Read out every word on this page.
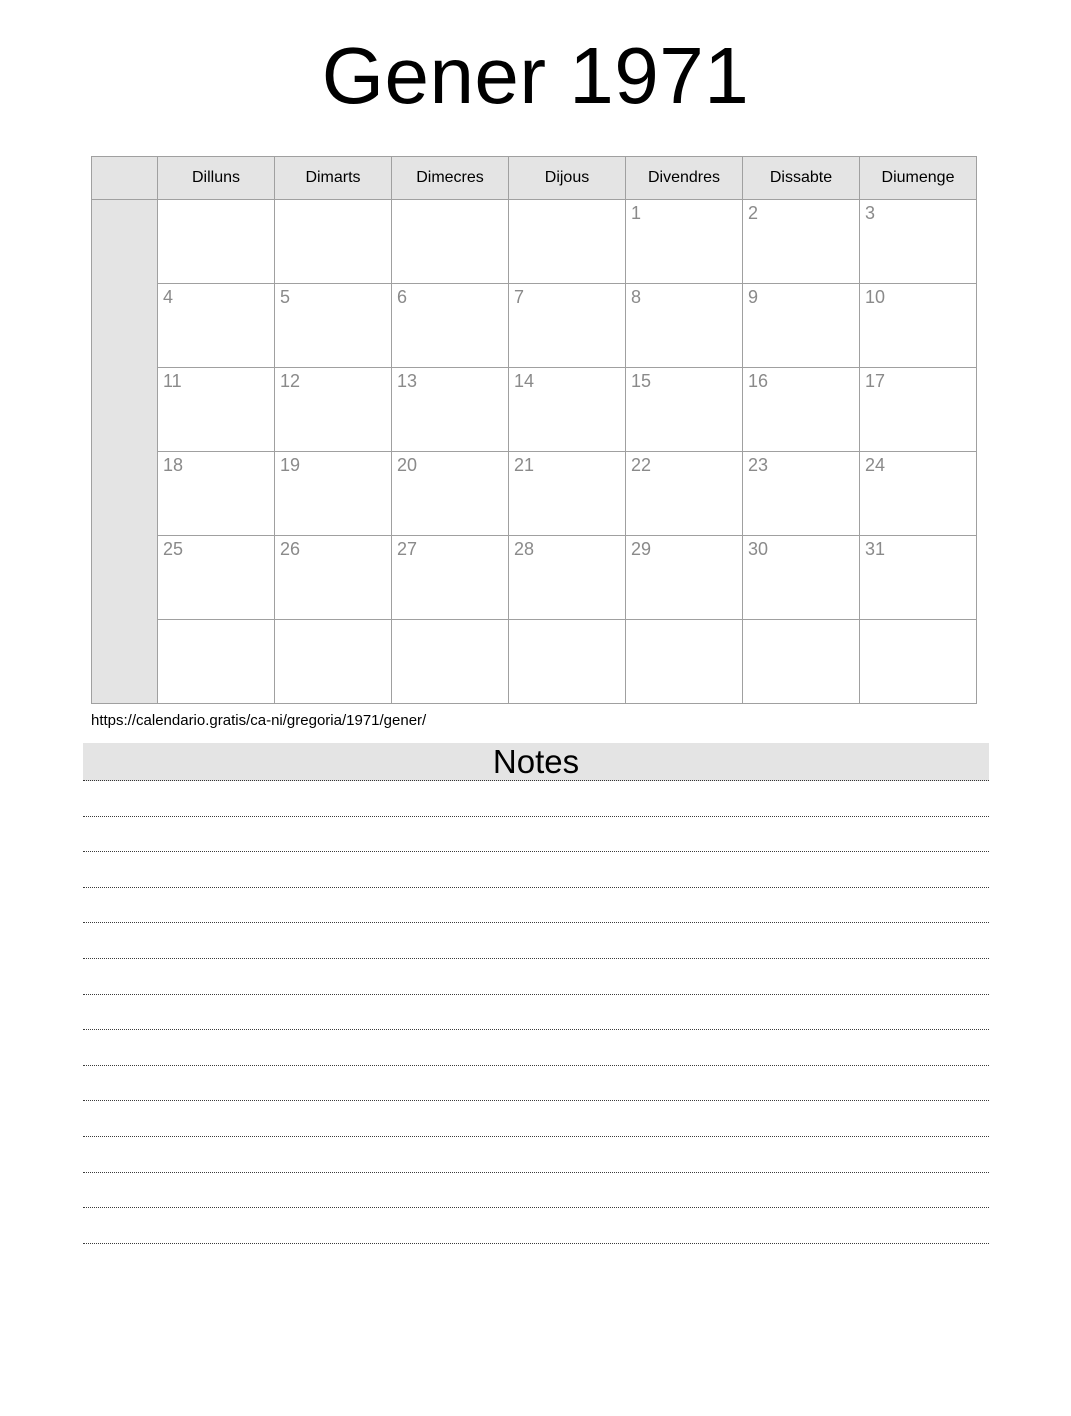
Gener 1971
	Dilluns	Dimarts	Dimecres	Dijous	Divendres	Dissabte	Diumenge
					1	2	3
	4	5	6	7	8	9	10
	11	12	13	14	15	16	17
	18	19	20	21	22	23	24
	25	26	27	28	29	30	31

https://calendario.gratis/ca-ni/gregoria/1971/gener/
Notes
